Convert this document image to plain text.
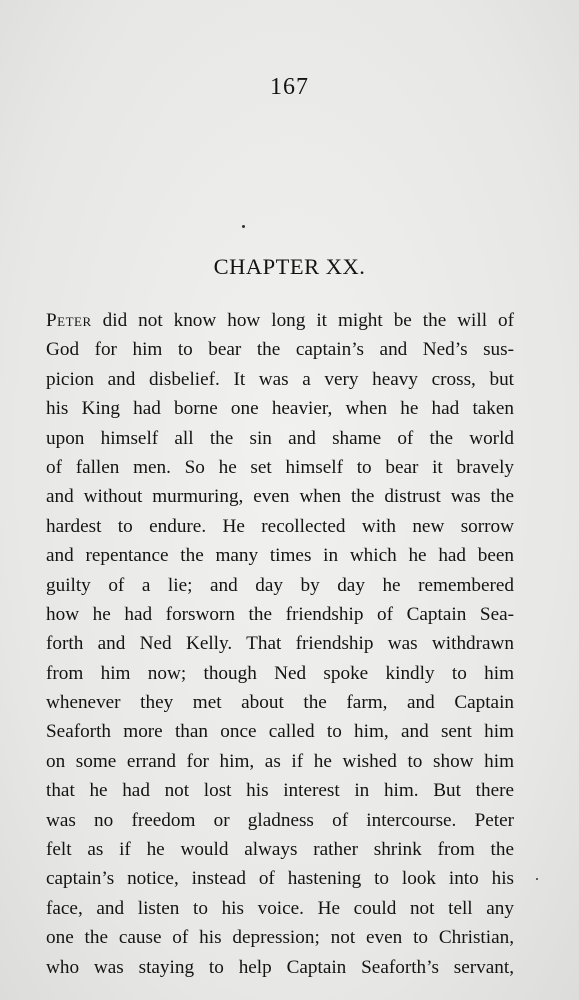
167
CHAPTER XX.
Peter did not know how long it might be the will of
God for him to bear the captain’s and Ned’s sus-
picion and disbelief. It was a very heavy cross, but
his King had borne one heavier, when he had taken
upon himself all the sin and shame of the world
of fallen men. So he set himself to bear it bravely
and without murmuring, even when the distrust was the
hardest to endure. He recollected with new sorrow
and repentance the many times in which he had been
guilty of a lie; and day by day he remembered
how he had forsworn the friendship of Captain Sea-
forth and Ned Kelly. That friendship was withdrawn
from him now; though Ned spoke kindly to him
whenever they met about the farm, and Captain
Seaforth more than once called to him, and sent him
on some errand for him, as if he wished to show him
that he had not lost his interest in him. But there
was no freedom or gladness of intercourse. Peter
felt as if he would always rather shrink from the
captain’s notice, instead of hastening to look into his
face, and listen to his voice. He could not tell any
one the cause of his depression; not even to Christian,
who was staying to help Captain Seaforth’s servant,
